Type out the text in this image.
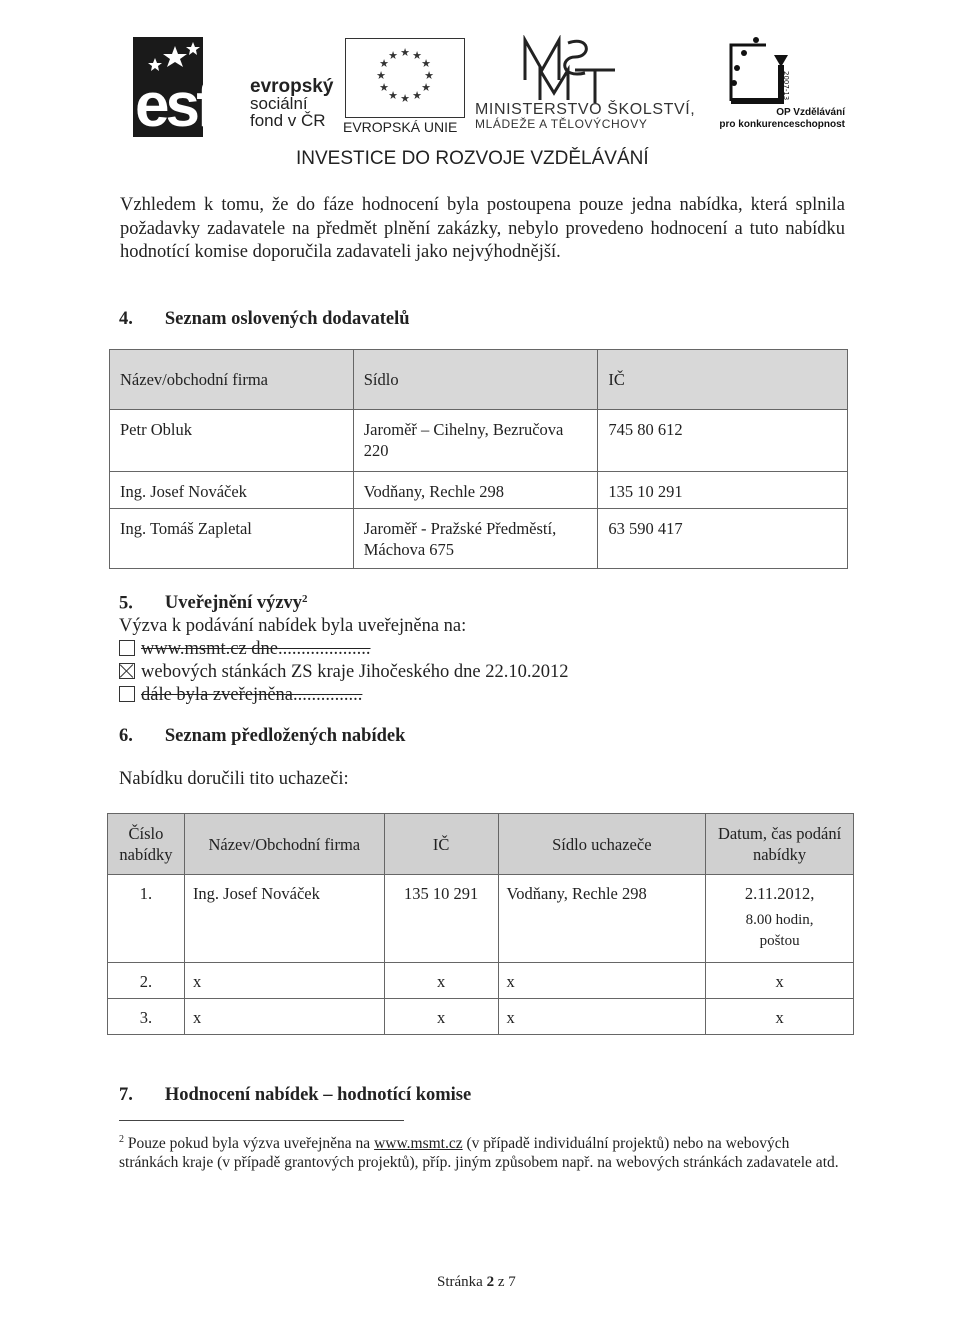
esf evropský
sociální
fond v ČR
★ ★
★
★
★
★
★
★
★
★
★
★
EVROPSKÁ UNIE
MINISTERSTVO ŠKOLSTVÍ,
MLÁDEŽE A TĚLOVÝCHOVY
2007-13
OP Vzdělávání
pro konkurenceschopnost
INVESTICE DO ROZVOJE VZDĚLÁVÁNÍ
Vzhledem k tomu, že do fáze hodnocení byla postoupena pouze jedna nabídka, která splnila požadavky zadavatele na předmět plnění zakázky, nebylo provedeno hodnocení a tuto nabídku hodnotící komise doporučila zadavateli jako nejvýhodnější.
4. Seznam oslovených dodavatelů
Název/obchodní firma	Sídlo	IČ
Petr Obluk	Jaroměř – Cihelny, Bezručova 220	745 80 612
Ing. Josef Nováček	Vodňany, Rechle 298	135 10 291
Ing. Tomáš Zapletal	Jaroměř - Pražské Předměstí, Máchova 675	63 590 417
5. Uveřejnění výzvy$^2$
Výzva k podávání nabídek byla uveřejněna na:
www.msmt.cz dne....................
webových stánkách ZS kraje Jihočeského dne 22.10.2012
dále byla zveřejněna...............
6. Seznam předložených nabídek
Nabídku doručili tito uchazeči:
Číslo nabídky	Název/Obchodní firma	IČ	Sídlo uchazeče	Datum, čas podání nabídky
1.	Ing. Josef Nováček	135 10 291	Vodňany, Rechle 298	2.11.2012,
8.00 hodin,
poštou

2.	x	x	x	x
3.	x	x	x	x
7. Hodnocení nabídek – hodnotící komise
$^2$ Pouze pokud byla výzva uveřejněna na www.msmt.cz (v případě individuální projektů) nebo na webových stránkách kraje (v případě grantových projektů), příp. jiným způsobem např. na webových stránkách zadavatele atd.
Stránka 2 z 7
